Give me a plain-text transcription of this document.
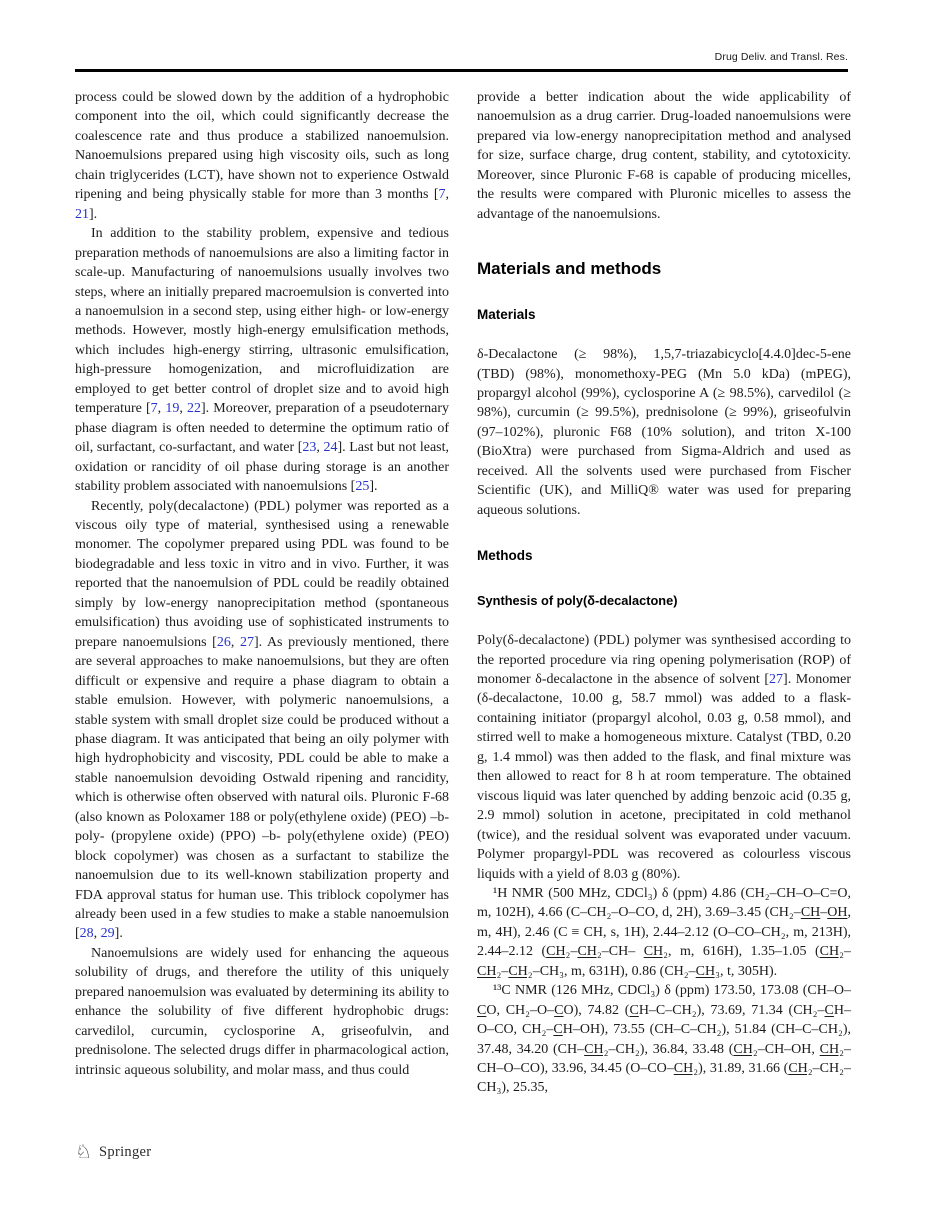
Drug Deliv. and Transl. Res.

process could be slowed down by the addition of a hydrophobic component into the oil, which could significantly decrease the coalescence rate and thus produce a stabilized nanoemulsion. Nanoemulsions prepared using high viscosity oils, such as long chain triglycerides (LCT), have shown not to experience Ostwald ripening and being physically stable for more than 3 months [7, 21].

In addition to the stability problem, expensive and tedious preparation methods of nanoemulsions are also a limiting factor in scale-up. Manufacturing of nanoemulsions usually involves two steps, where an initially prepared macroemulsion is converted into a nanoemulsion in a second step, using either high- or low-energy methods. However, mostly high-energy emulsification methods, which includes high-energy stirring, ultrasonic emulsification, high-pressure homogenization, and microfluidization are employed to get better control of droplet size and to avoid high temperature [7, 19, 22]. Moreover, preparation of a pseudoternary phase diagram is often needed to determine the optimum ratio of oil, surfactant, co-surfactant, and water [23, 24]. Last but not least, oxidation or rancidity of oil phase during storage is an another stability problem associated with nanoemulsions [25].

Recently, poly(decalactone) (PDL) polymer was reported as a viscous oily type of material, synthesised using a renewable monomer. The copolymer prepared using PDL was found to be biodegradable and less toxic in vitro and in vivo. Further, it was reported that the nanoemulsion of PDL could be readily obtained simply by low-energy nanoprecipitation method (spontaneous emulsification) thus avoiding use of sophisticated instruments to prepare nanoemulsions [26, 27]. As previously mentioned, there are several approaches to make nanoemulsions, but they are often difficult or expensive and require a phase diagram to obtain a stable emulsion. However, with polymeric nanoemulsions, a stable system with small droplet size could be produced without a phase diagram. It was anticipated that being an oily polymer with high hydrophobicity and viscosity, PDL could be able to make a stable nanoemulsion devoiding Ostwald ripening and rancidity, which is otherwise often observed with natural oils. Pluronic F-68 (also known as Poloxamer 188 or poly(ethylene oxide) (PEO) –b-poly- (propylene oxide) (PPO) –b- poly(ethylene oxide) (PEO) block copolymer) was chosen as a surfactant to stabilize the nanoemulsion due to its well-known stabilization property and FDA approval status for human use. This triblock copolymer has already been used in a few studies to make a stable nanoemulsion [28, 29].

Nanoemulsions are widely used for enhancing the aqueous solubility of drugs, and therefore the utility of this uniquely prepared nanoemulsion was evaluated by determining its ability to enhance the solubility of five different hydrophobic drugs: carvedilol, curcumin, cyclosporine A, griseofulvin, and prednisolone. The selected drugs differ in pharmacological action, intrinsic aqueous solubility, and molar mass, and thus could

provide a better indication about the wide applicability of nanoemulsion as a drug carrier. Drug-loaded nanoemulsions were prepared via low-energy nanoprecipitation method and analysed for size, surface charge, drug content, stability, and cytotoxicity. Moreover, since Pluronic F-68 is capable of producing micelles, the results were compared with Pluronic micelles to assess the advantage of the nanoemulsions.

Materials and methods
Materials

δ-Decalactone (≥ 98%), 1,5,7-triazabicyclo[4.4.0]dec-5-ene (TBD) (98%), monomethoxy-PEG (Mn 5.0 kDa) (mPEG), propargyl alcohol (99%), cyclosporine A (≥ 98.5%), carvedilol (≥ 98%), curcumin (≥ 99.5%), prednisolone (≥ 99%), griseofulvin (97–102%), pluronic F68 (10% solution), and triton X-100 (BioXtra) were purchased from Sigma-Aldrich and used as received. All the solvents used were purchased from Fischer Scientific (UK), and MilliQ® water was used for preparing aqueous solutions.

Methods
Synthesis of poly(δ-decalactone)

Poly(δ-decalactone) (PDL) polymer was synthesised according to the reported procedure via ring opening polymerisation (ROP) of monomer δ-decalactone in the absence of solvent [27]. Monomer (δ-decalactone, 10.00 g, 58.7 mmol) was added to a flask-containing initiator (propargyl alcohol, 0.03 g, 0.58 mmol), and stirred well to make a homogeneous mixture. Catalyst (TBD, 0.20 g, 1.4 mmol) was then added to the flask, and final mixture was then allowed to react for 8 h at room temperature. The obtained viscous liquid was later quenched by adding benzoic acid (0.35 g, 2.9 mmol) solution in acetone, precipitated in cold methanol (twice), and the residual solvent was evaporated under vacuum. Polymer propargyl-PDL was recovered as colourless viscous liquids with a yield of 8.03 g (80%).

¹H NMR (500 MHz, CDCl₃) δ (ppm) 4.86 (CH₂–CH–O–C=O, m, 102H), 4.66 (C–CH₂–O–CO, d, 2H), 3.69–3.45 (CH₂–CH–OH, m, 4H), 2.46 (C ≡ CH, s, 1H), 2.44–2.12 (O–CO–CH₂, m, 213H), 2.44–2.12 (CH₂–CH₂–CH– CH₂, m, 616H), 1.35–1.05 (CH₂–CH₂–CH₂–CH₃, m, 631H), 0.86 (CH₂–CH₃, t, 305H).

¹³C NMR (126 MHz, CDCl₃) δ (ppm) 173.50, 173.08 (CH–O–CO, CH₂–O–CO), 74.82 (CH–C–CH₂), 73.69, 71.34 (CH₂–CH–O–CO, CH₂–CH–OH), 73.55 (CH–C–CH₂), 51.84 (CH–C–CH₂), 37.48, 34.20 (CH–CH₂–CH₂), 36.84, 33.48 (CH₂–CH–OH, CH₂–CH–O–CO), 33.96, 34.45 (O–CO–CH₂), 31.89, 31.66 (CH₂–CH₂–CH₃), 25.35,

♘ Springer
